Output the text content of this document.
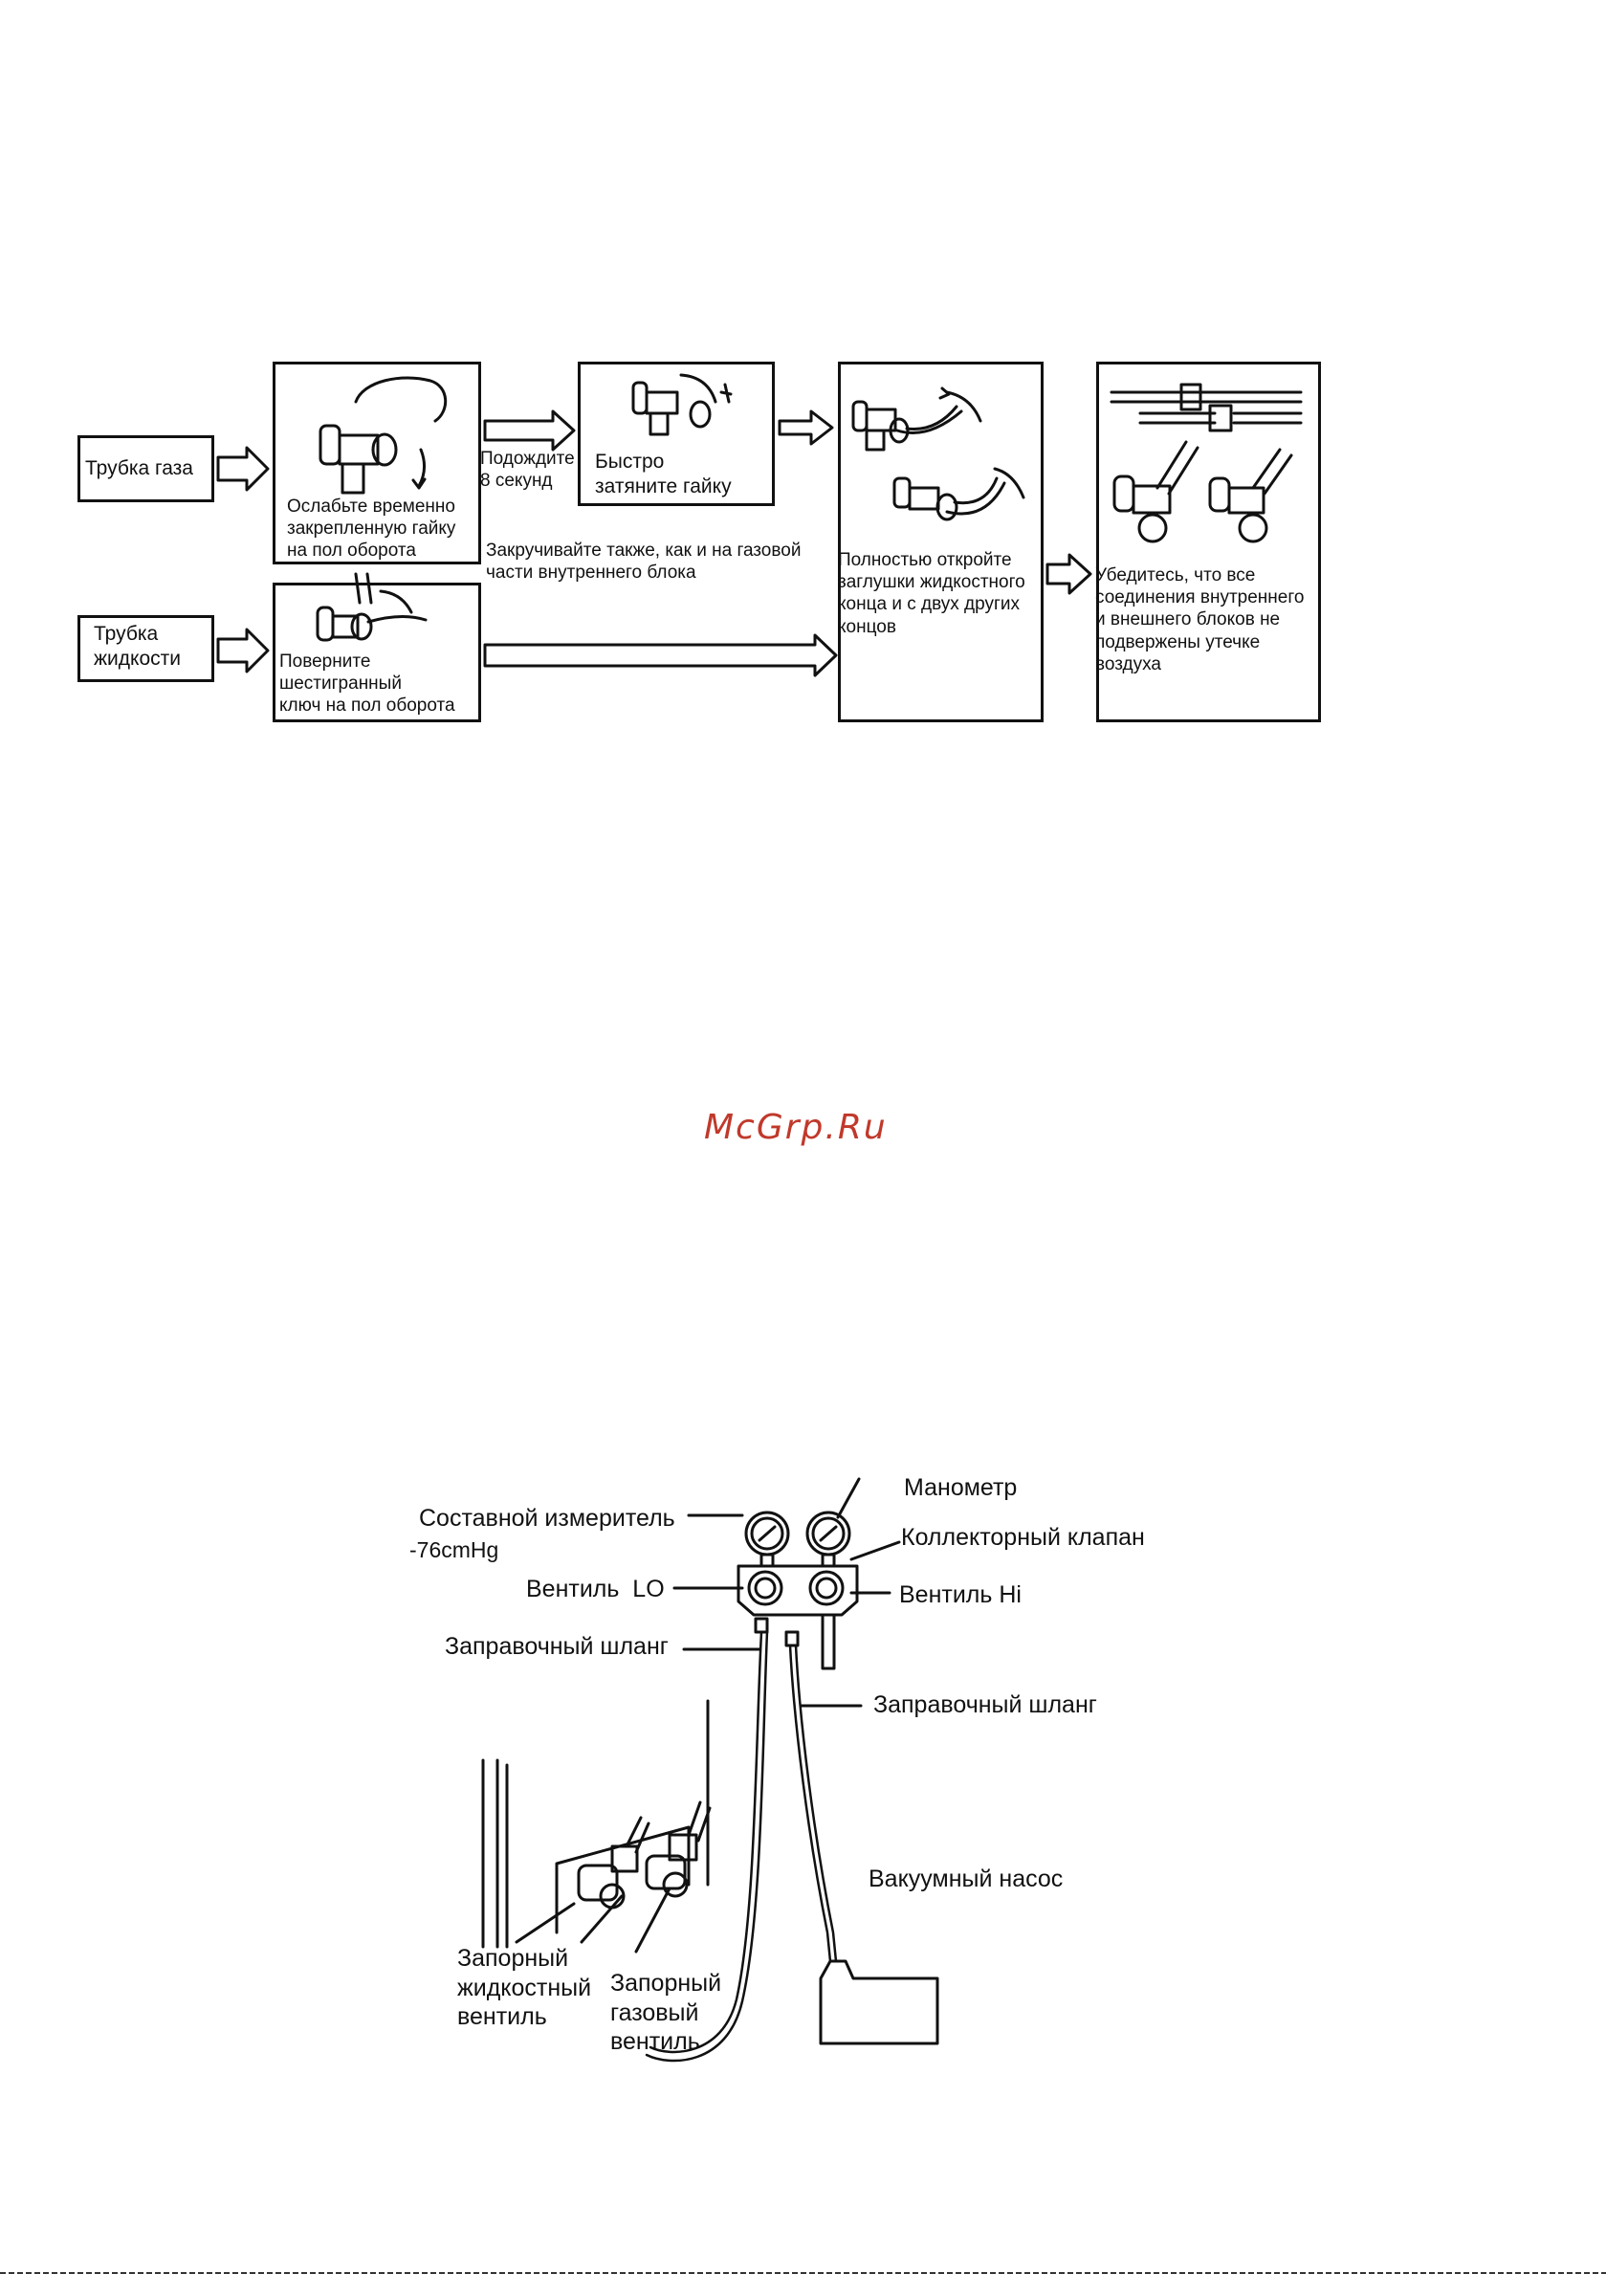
Трубка газа
Трубка
жидкости
Ослабьте временно
закрепленную гайку
на пол оборота
Подождите
8 секунд
Быстро
затяните гайку
Закручивайте также, как и на газовой
части внутреннего блока
Поверните
шестигранный
ключ на пол оборота
Полностью откройте
заглушки жидкостного
конца и с двух других
концов
Убедитесь, что все
соединения внутреннего
и внешнего блоков не
подвержены утечке
воздуха
McGrp.Ru
Составной измеритель
-76cmHg
Манометр
Коллекторный клапан
Вентиль  LO	Вентиль Hi
Заправочный шланг
Заправочный шланг
Вакуумный насос
Запорный
жидкостный
вентиль
Запорный
газовый
вентиль
